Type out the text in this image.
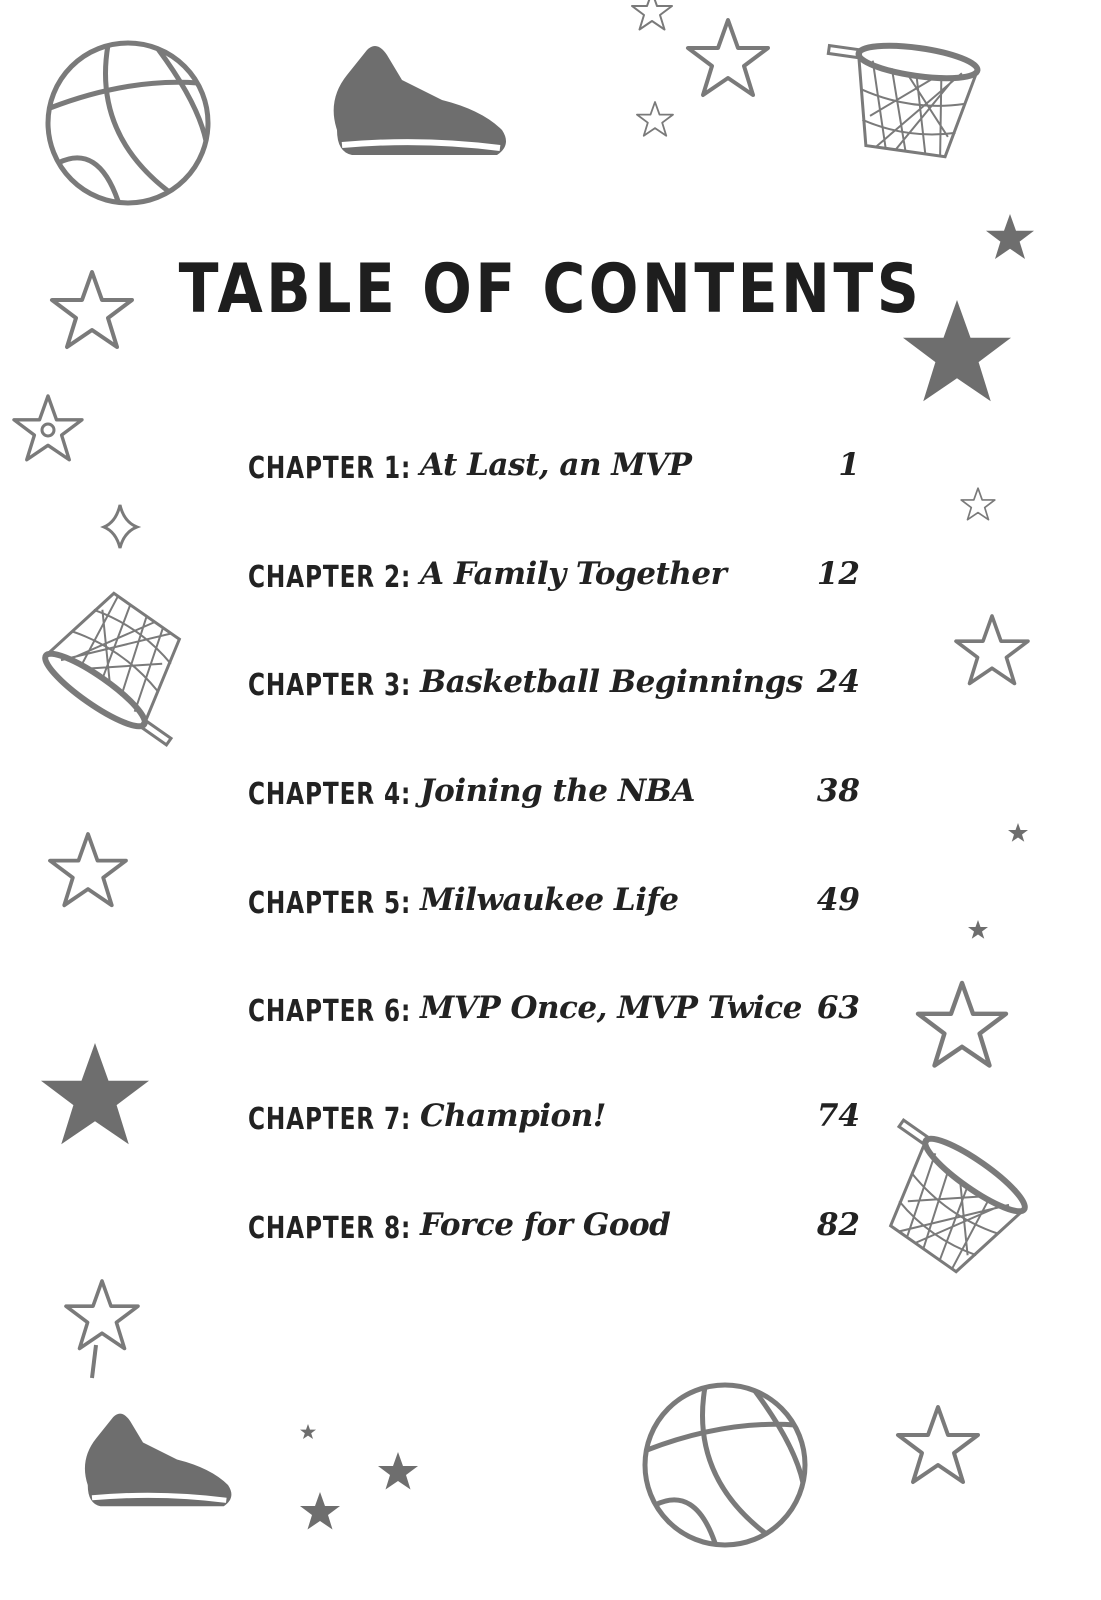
TABLE OF CONTENTS
CHAPTER 1: At Last, an MVP	1
CHAPTER 2: A Family Together	12
CHAPTER 3: Basketball Beginnings 24
CHAPTER 4: Joining the NBA	38
CHAPTER 5: Milwaukee Life	49
CHAPTER 6: MVP Once, MVP Twice 63
CHAPTER 7: Champion!	74
CHAPTER 8: Force for Good	82
